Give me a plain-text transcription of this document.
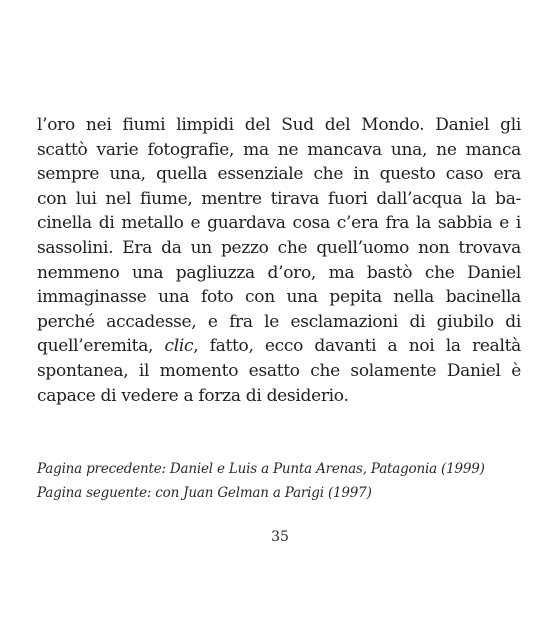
l’oro nei fiumi limpidi del Sud del Mondo. Daniel gli
scattò varie fotografie, ma ne mancava una, ne manca
sempre una, quella essenziale che in questo caso era
con lui nel fiume, mentre tirava fuori dall’acqua la ba-
cinella di metallo e guardava cosa c’era fra la sabbia e i
sassolini. Era da un pezzo che quell’uomo non trovava
nemmeno una pagliuzza d’oro, ma bastò che Daniel
immaginasse una foto con una pepita nella bacinella
perché accadesse, e fra le esclamazioni di giubilo di
quell’eremita, clic, fatto, ecco davanti a noi la realtà
spontanea, il momento esatto che solamente Daniel è
capace di vedere a forza di desiderio.
Pagina precedente: Daniel e Luis a Punta Arenas, Patagonia (1999)
Pagina seguente: con Juan Gelman a Parigi (1997)
35
